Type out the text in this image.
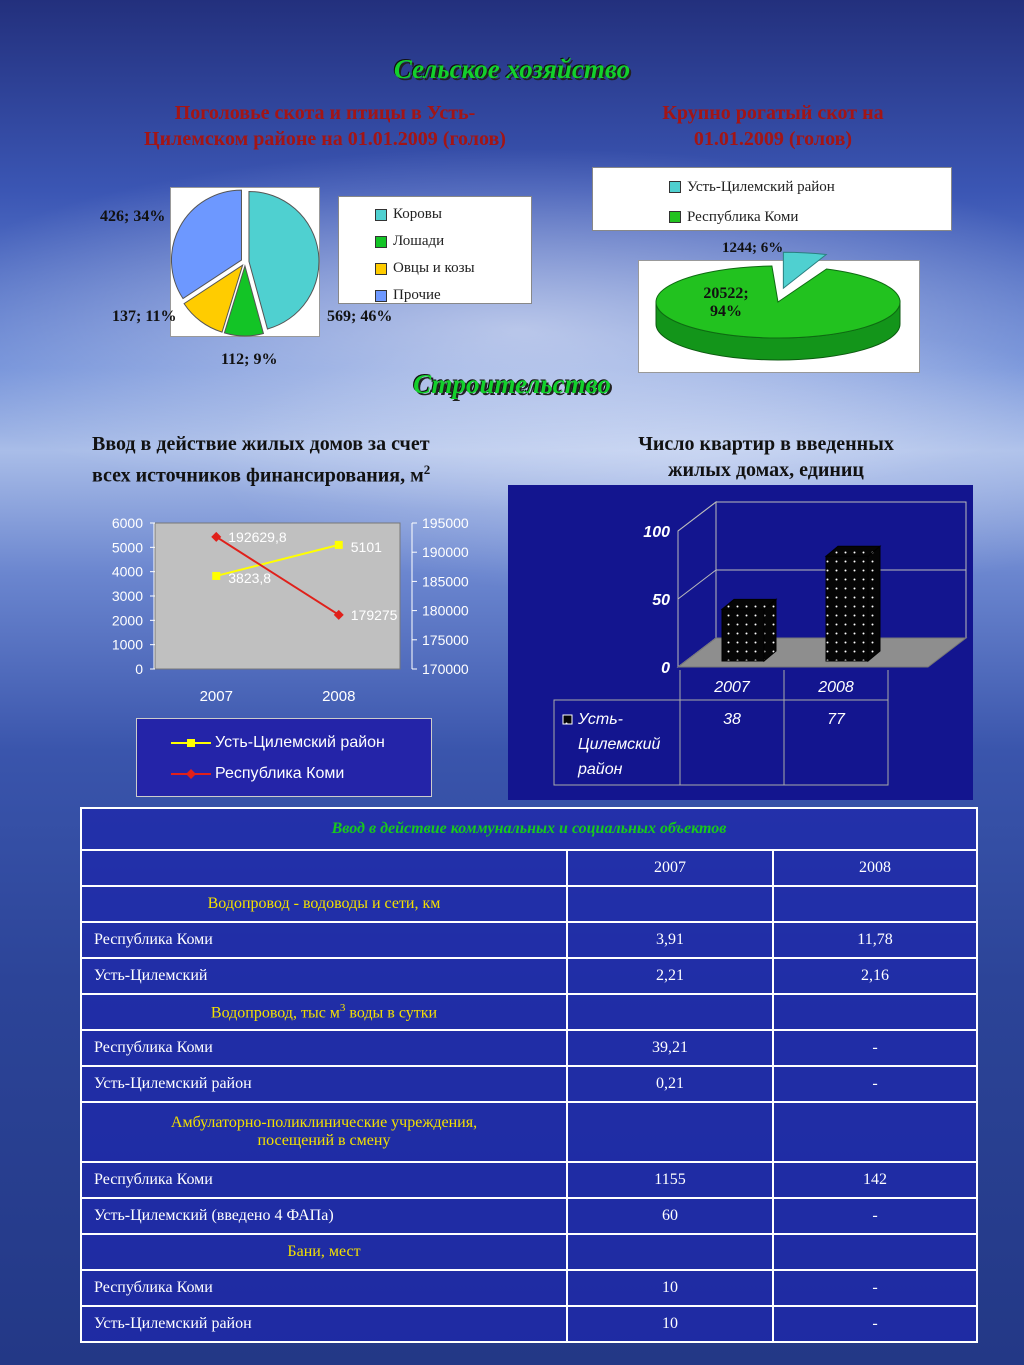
Сельское хозяйство
Строительство
Поголовье скота и птицы в Усть-
Цилемском районе на 01.01.2009 (голов)
Коровы
Лошади
Овцы и козы
Прочие
426; 34%
137; 11%
112; 9%
569; 46%
Крупно рогатый скот на
01.01.2009 (голов)
Усть-Цилемский район
Республика Коми
1244; 6%
20522;
94%
Ввод в действие жилых домов за счет
всех источников финансирования, $м^2$
6000
5000
4000
3000
2000
1000
0
195000
190000
185000
180000
175000
170000
2007	2008
3823,8
5101
192629,8
179275
Усть-Цилемский район
Республика Коми
Число квартир в введенных
жилых домах, единиц
100
50
0
2007	2008
Усть-
Цилемский
район
38	77
Ввод в действие коммунальных и социальных объектов		
	2007	2008
Водопровод - водоводы и сети, км		
Республика Коми	3,91	11,78
Усть-Цилемский	2,21	2,16
Водопровод, тыс $м^3$ воды в сутки		
Республика Коми	39,21	-
Усть-Цилемский район	0,21	-
Амбулаторно-поликлинические учреждения,
посещений в смену		
Республика Коми	1155	142
Усть-Цилемский (введено 4 ФАПа)	60	-
Бани, мест		
Республика Коми	10	-
Усть-Цилемский район	10	-
